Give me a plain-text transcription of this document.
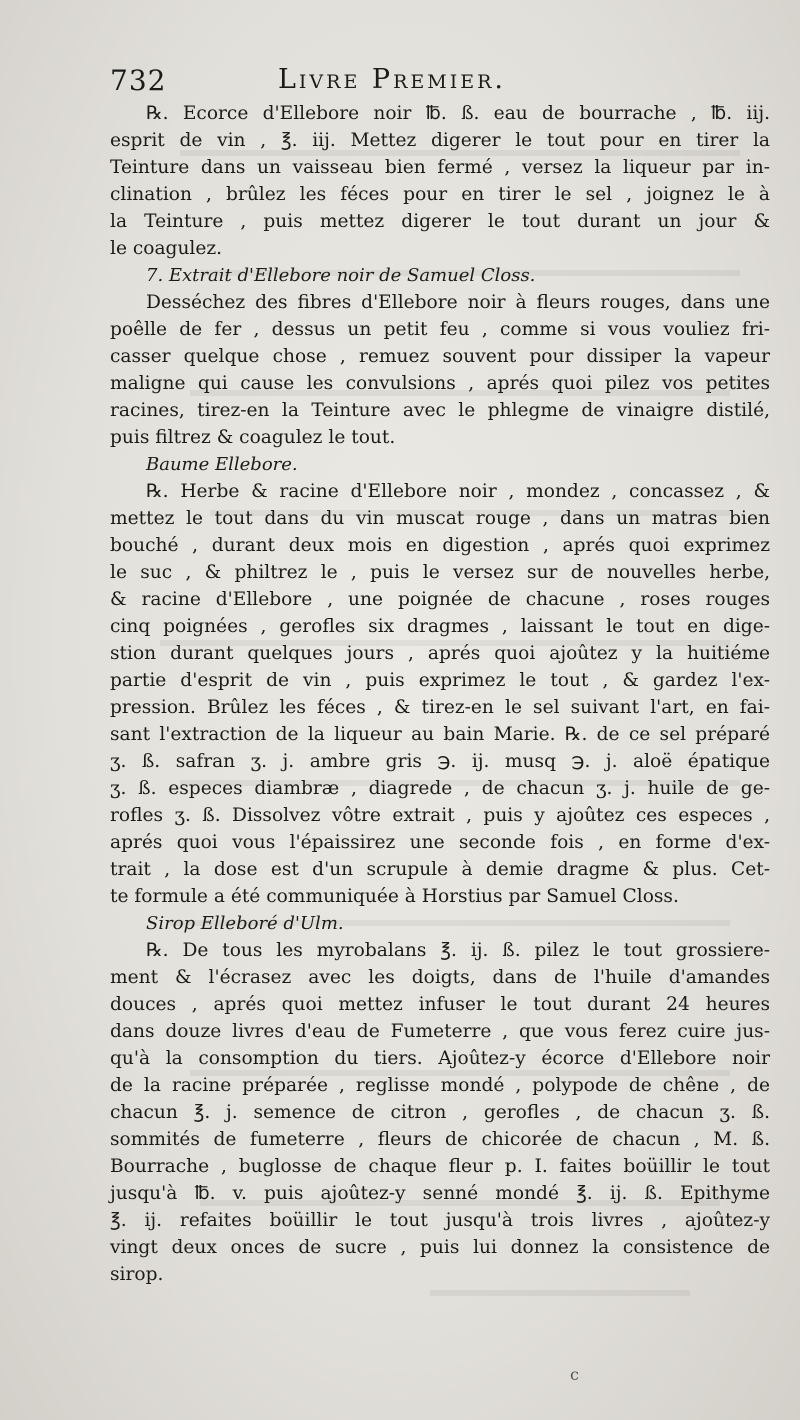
732	Livre Premier.
℞. Ecorce d'Ellebore noir ℔. ß. eau de bourrache , ℔. iij.
esprit de vin , ℥. iij. Mettez digerer le tout pour en tirer la
Teinture dans un vaisseau bien fermé , versez la liqueur par in-
clination , brûlez les féces pour en tirer le sel , joignez le à
la Teinture , puis mettez digerer le tout durant un jour &
le coagulez.
7. Extrait d'Ellebore noir de Samuel Closs.
Desséchez des fibres d'Ellebore noir à fleurs rouges, dans une
poêlle de fer , dessus un petit feu , comme si vous vouliez fri-
casser quelque chose , remuez souvent pour dissiper la vapeur
maligne qui cause les convulsions , aprés quoi pilez vos petites
racines, tirez-en la Teinture avec le phlegme de vinaigre distilé,
puis filtrez & coagulez le tout.
Baume Ellebore.
℞. Herbe & racine d'Ellebore noir , mondez , concassez , &
mettez le tout dans du vin muscat rouge , dans un matras bien
bouché , durant deux mois en digestion , aprés quoi exprimez
le suc , & philtrez le , puis le versez sur de nouvelles herbe,
& racine d'Ellebore , une poignée de chacune , roses rouges
cinq poignées , gerofles six dragmes , laissant le tout en dige-
stion durant quelques jours , aprés quoi ajoûtez y la huitiéme
partie d'esprit de vin , puis exprimez le tout , & gardez l'ex-
pression. Brûlez les féces , & tirez-en le sel suivant l'art, en fai-
sant l'extraction de la liqueur au bain Marie. ℞. de ce sel préparé
ʒ. ß. safran ʒ. j. ambre gris ℈. ij. musq ℈. j. aloë épatique
ʒ. ß. especes diambræ , diagrede , de chacun ʒ. j. huile de ge-
rofles ʒ. ß. Dissolvez vôtre extrait , puis y ajoûtez ces especes ,
aprés quoi vous l'épaissirez une seconde fois , en forme d'ex-
trait , la dose est d'un scrupule à demie dragme & plus. Cet-
te formule a été communiquée à Horstius par Samuel Closs.
Sirop Elleboré d'Ulm.
℞. De tous les myrobalans ℥. ij. ß. pilez le tout grossiere-
ment & l'écrasez avec les doigts, dans de l'huile d'amandes
douces , aprés quoi mettez infuser le tout durant 24 heures
dans douze livres d'eau de Fumeterre , que vous ferez cuire jus-
qu'à la consomption du tiers. Ajoûtez-y écorce d'Ellebore noir
de la racine préparée , reglisse mondé , polypode de chêne , de
chacun ℥. j. semence de citron , gerofles , de chacun ʒ. ß.
sommités de fumeterre , fleurs de chicorée de chacun , M. ß.
Bourrache , buglosse de chaque fleur p. I. faites boüillir le tout
jusqu'à ℔. v. puis ajoûtez-y senné mondé ℥. ij. ß. Epithyme
℥. ij. refaites boüillir le tout jusqu'à trois livres , ajoûtez-y
vingt deux onces de sucre , puis lui donnez la consistence de
sirop.
c
